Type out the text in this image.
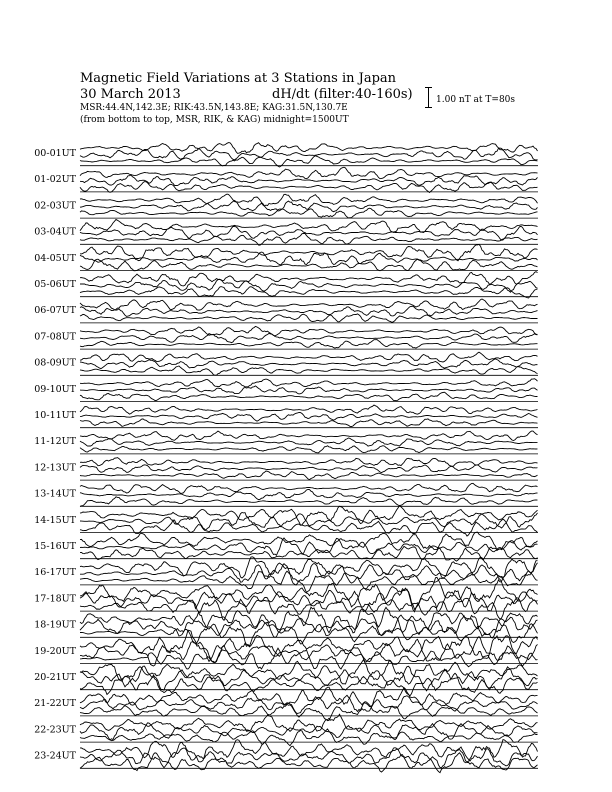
Magnetic Field Variations at 3 Stations in Japan
30 March 2013	dH/dt (filter:40-160s)
MSR:44.4N,142.3E; RIK:43.5N,143.8E; KAG:31.5N,130.7E
(from bottom to top, MSR, RIK, & KAG) midnight=1500UT
1.00 nT at T=80s
00-01UT
01-02UT
02-03UT
03-04UT
04-05UT
05-06UT
06-07UT
07-08UT
08-09UT
09-10UT
10-11UT
11-12UT
12-13UT
13-14UT
14-15UT
15-16UT
16-17UT
17-18UT
18-19UT
19-20UT
20-21UT
21-22UT
22-23UT
23-24UT
